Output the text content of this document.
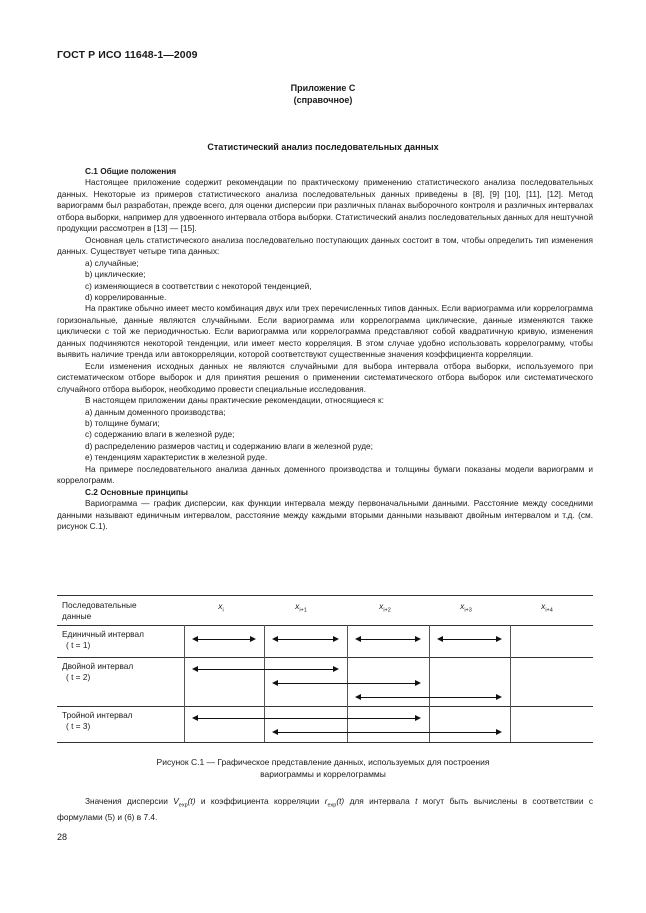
ГОСТ Р ИСО 11648-1—2009
Приложение С
(справочное)
Статистический анализ последовательных данных

С.1 Общие положения

Настоящее приложение содержит рекомендации по практическому применению статистического анализа последовательных данных. Некоторые из примеров статистического анализа последовательных данных приведены в [8], [9] [10], [11], [12]. Метод вариограмм был разработан, прежде всего, для оценки дисперсии при различных планах выборочного контроля и различных интервалах отбора выборки, например для удвоенного интервала отбора выборки. Статистический анализ последовательных данных для нештучной продукции рассмотрен в [13] — [15].

Основная цель статистического анализа последовательно поступающих данных состоит в том, чтобы определить тип изменения данных. Существует четыре типа данных:

а) случайные;

b) циклические;

с) изменяющиеся в соответствии с некоторой тенденцией,

d) коррелированные.

На практике обычно имеет место комбинация двух или трех перечисленных типов данных. Если вариограмма или коррелограмма горизональные, данные являются случайными. Если вариограмма или коррелограмма циклические, данные изменяются также циклически с той же периодичностью. Если вариограмма или коррелограмма представляют собой квадратичную кривую, изменения данных подчиняются некоторой тенденции, или имеет место корреляция. В этом случае удобно использовать коррелограмму, чтобы выявить наличие тренда или автокорреляции, которой соответствуют существенные значения коэффициента корреляции.

Если изменения исходных данных не являются случайными для выбора интервала отбора выборки, используемого при систематическом отборе выборок и для принятия решения о применении систематического отбора выборок или систематического случайного отбора выборок, необходимо провести специальные исследования.

В настоящем приложении даны практические рекомендации, относящиеся к:

а) данным доменного производства;

b) толщине бумаги;

с) содержанию влаги в железной руде;

d) распределению размеров частиц и содержанию влаги в железной руде;

е) тенденциям характеристик в железной руде.

На примере последовательного анализа данных доменного производства и толщины бумаги показаны модели вариограмм и коррелограмм.

С.2 Основные принципы

Вариограмма — график дисперсии, как функции интервала между первоначальными данными. Расстояние между соседними данными называют единичным интервалом, расстояние между каждыми вторыми данными называют двойным интервалом и т.д. (см. рисунок С.1).

Последовательные
данные
$x_i$	$x_{i+1}$	$x_{i+2}$	$x_{i+3}$	$x_{i+4}$
Единичный интервал
( t = 1)
Двойной интервал
( t = 2)
Тройной интервал
( t = 3)
Рисунок С.1 — Графическое представление данных, используемых для построения
вариограммы и коррелограммы

Значения дисперсии $V_{exp}(t)$ и коэффициента корреляции $r_{exp}(t)$ для интервала t могут быть вычислены в соответствии с формулами (5) и (6) в 7.4.

28
